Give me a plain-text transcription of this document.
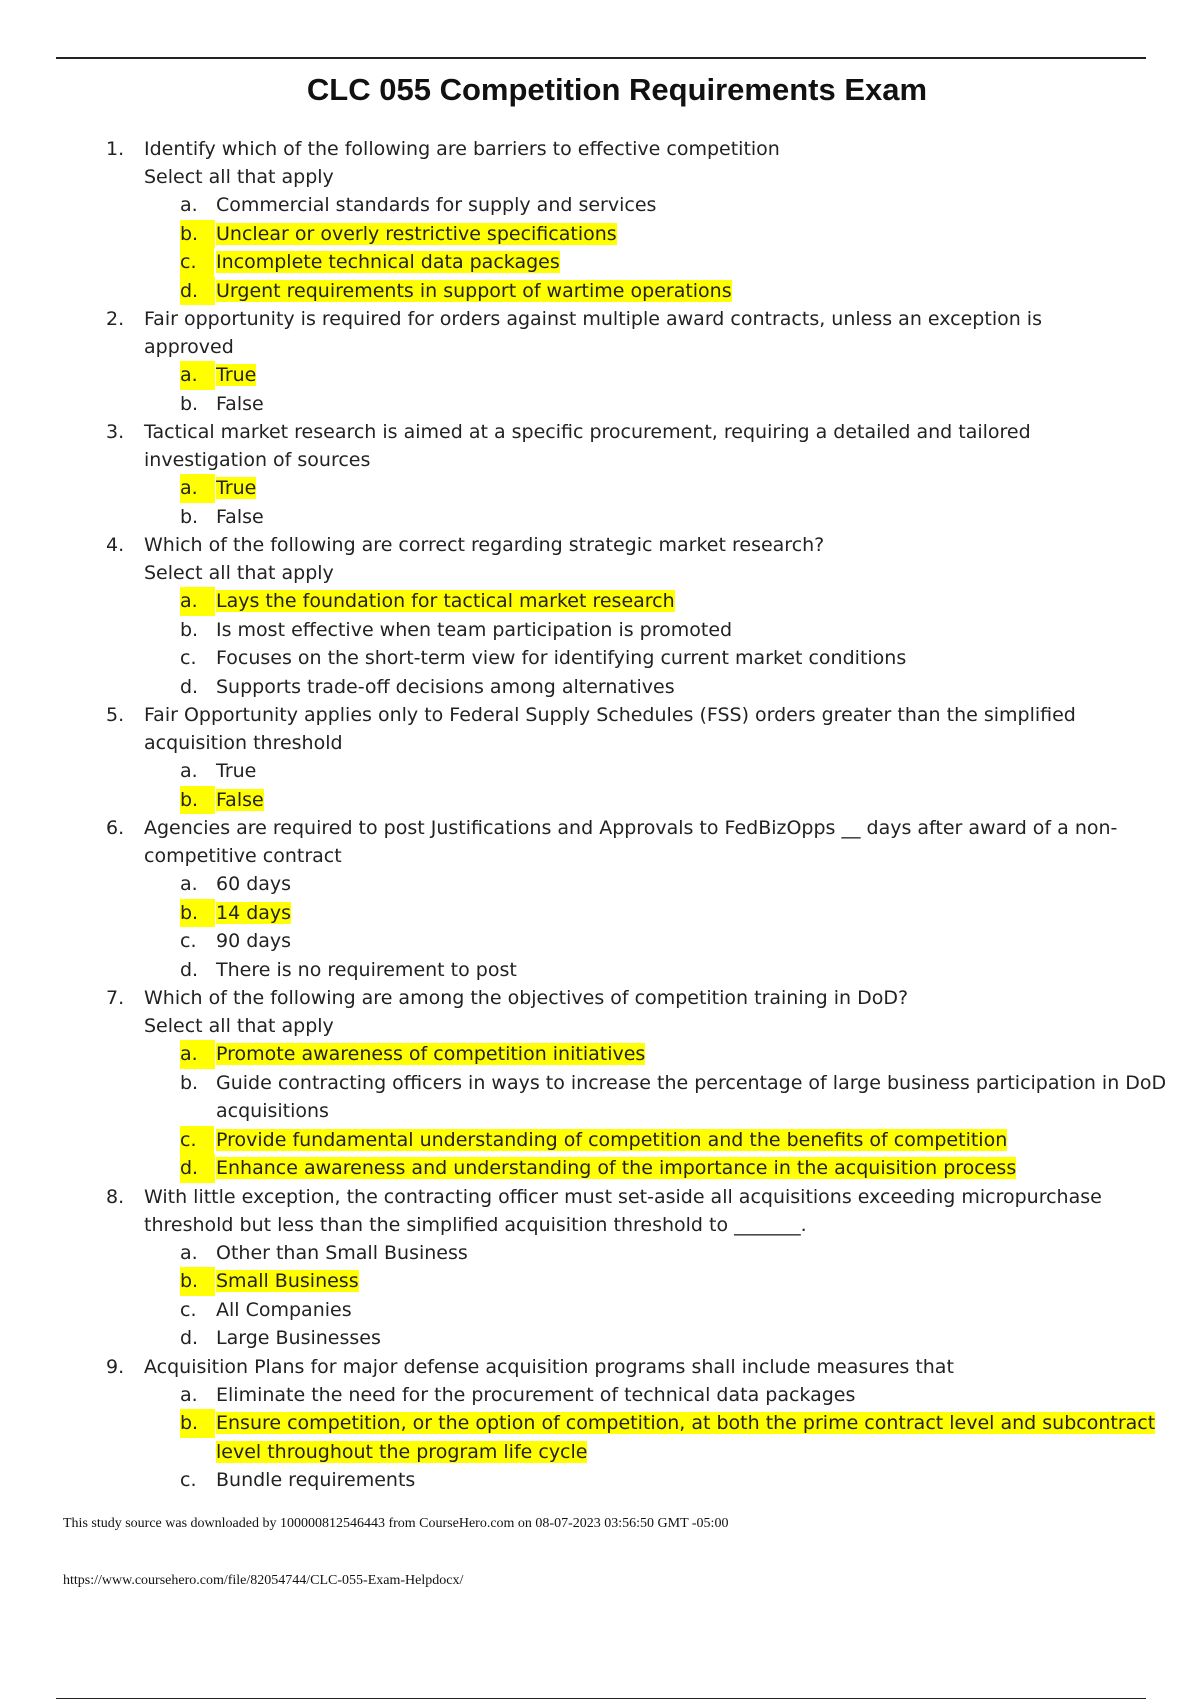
CLC 055 Competition Requirements Exam
1. Identify which of the following are barriers to effective competition
Select all that apply
a. Commercial standards for supply and services
b. Unclear or overly restrictive specifications
c.	Incomplete technical data packages
d. Urgent requirements in support of wartime operations
2. Fair opportunity is required for orders against multiple award contracts, unless an exception is approved
a. True
b. False
3. Tactical market research is aimed at a specific procurement, requiring a detailed and tailored investigation of sources
a. True
b. False
4. Which of the following are correct regarding strategic market research?
Select all that apply
a. Lays the foundation for tactical market research
b. Is most effective when team participation is promoted
c. Focuses on the short-term view for identifying current market conditions
d. Supports trade-off decisions among alternatives
5. Fair Opportunity applies only to Federal Supply Schedules (FSS) orders greater than the simplified acquisition threshold
a. True
b. False
6. Agencies are required to post Justifications and Approvals to FedBizOpps __ days after award of a non-competitive contract
a. 60 days
b. 14 days
c. 90 days
d. There is no requirement to post
7. Which of the following are among the objectives of competition training in DoD?
Select all that apply
a. Promote awareness of competition initiatives
b. Guide contracting officers in ways to increase the percentage of large business participation in DoD acquisitions
c.	Provide fundamental understanding of competition and the benefits of competition
d. Enhance awareness and understanding of the importance in the acquisition process
8. With little exception, the contracting officer must set-aside all acquisitions exceeding micropurchase threshold but less than the simplified acquisition threshold to _______.
a. Other than Small Business
b. Small Business
c. All Companies
d. Large Businesses
9. Acquisition Plans for major defense acquisition programs shall include measures that
a. Eliminate the need for the procurement of technical data packages
b. Ensure competition, or the option of competition, at both the prime contract level and subcontract level throughout the program life cycle
c. Bundle requirements
This study source was downloaded by 100000812546443 from CourseHero.com on 08-07-2023 03:56:50 GMT -05:00
https://www.coursehero.com/file/82054744/CLC-055-Exam-Helpdocx/
